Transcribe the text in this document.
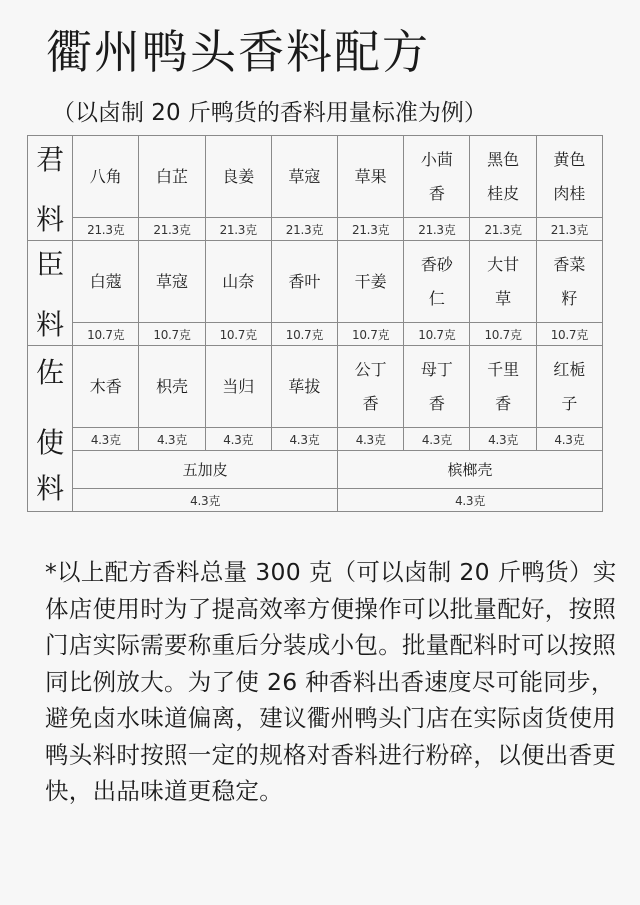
衢州鸭头香料配方
（以卤制 20 斤鸭货的香料用量标准为例）
君
料	八角	白芷	良姜	草寇	草果	小茴香	黑色桂皮	黄色肉桂
	21.3克	21.3克	21.3克	21.3克	21.3克	21.3克	21.3克	21.3克

臣
料	白蔻	草寇	山奈	香叶	干姜	香砂仁	大甘草	香菜籽
	10.7克	10.7克	10.7克	10.7克	10.7克	10.7克	10.7克	10.7克

佐
使
料	木香	枳壳	当归	荜拔	公丁香	母丁香	千里香	红栀子
	4.3克	4.3克	4.3克	4.3克	4.3克	4.3克	4.3克	4.3克
	五加皮				槟榔壳			
	4.3克				4.3克			
*以上配方香料总量 300 克（可以卤制 20 斤鸭货）实体店使用时为了提高效率方便操作可以批量配好，按照门店实际需要称重后分装成小包。批量配料时可以按照同比例放大。为了使 26 种香料出香速度尽可能同步，避免卤水味道偏离，建议衢州鸭头门店在实际卤货使用鸭头料时按照一定的规格对香料进行粉碎，以便出香更快，出品味道更稳定。
